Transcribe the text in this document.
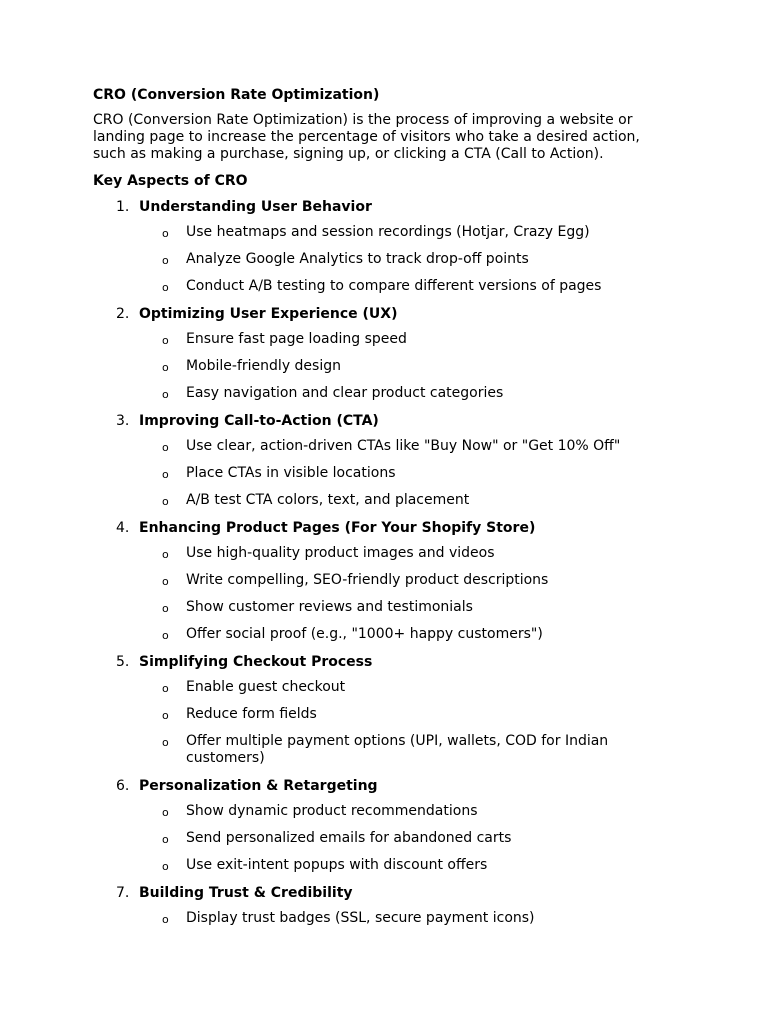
CRO (Conversion Rate Optimization)
CRO (Conversion Rate Optimization) is the process of improving a website or landing page to increase the percentage of visitors who take a desired action, such as making a purchase, signing up, or clicking a CTA (Call to Action).
Key Aspects of CRO
1. Understanding User Behavior
o Use heatmaps and session recordings (Hotjar, Crazy Egg)
o Analyze Google Analytics to track drop-off points
o Conduct A/B testing to compare different versions of pages
2. Optimizing User Experience (UX)
o Ensure fast page loading speed
o Mobile-friendly design
o Easy navigation and clear product categories
3. Improving Call-to-Action (CTA)
o Use clear, action-driven CTAs like "Buy Now" or "Get 10% Off"
o Place CTAs in visible locations
o A/B test CTA colors, text, and placement
4. Enhancing Product Pages (For Your Shopify Store)
o Use high-quality product images and videos
o Write compelling, SEO-friendly product descriptions
o Show customer reviews and testimonials
o Offer social proof (e.g., "1000+ happy customers")
5. Simplifying Checkout Process
o Enable guest checkout
o Reduce form fields
o Offer multiple payment options (UPI, wallets, COD for Indian customers)
6. Personalization & Retargeting
o Show dynamic product recommendations
o Send personalized emails for abandoned carts
o Use exit-intent popups with discount offers
7. Building Trust & Credibility
o Display trust badges (SSL, secure payment icons)
